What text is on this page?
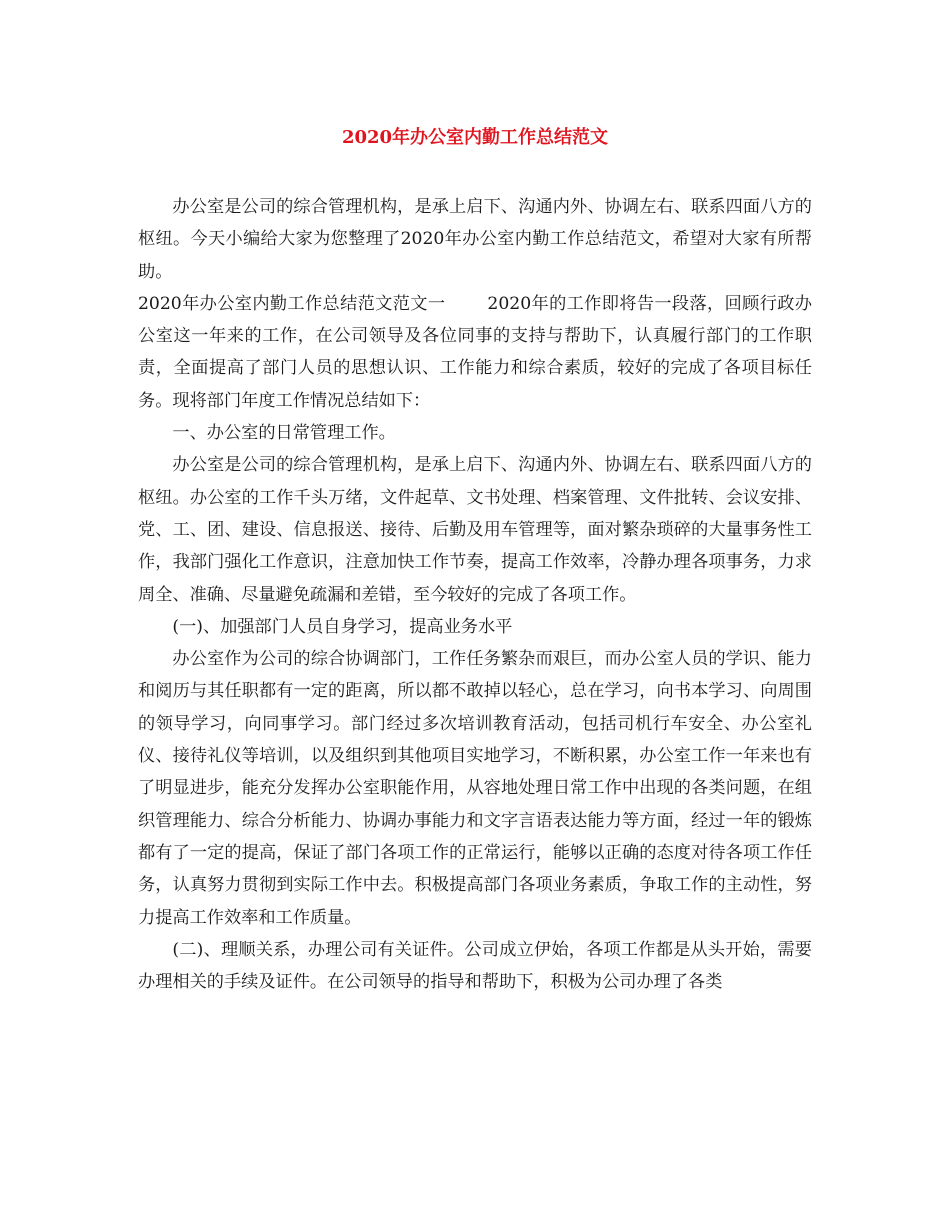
2020年办公室内勤工作总结范文

办公室是公司的综合管理机构，是承上启下、沟通内外、协调左右、联系四面八方的枢纽。今天小编给大家为您整理了2020年办公室内勤工作总结范文，希望对大家有所帮助。

2020年办公室内勤工作总结范文范文一 2020年的工作即将告一段落，回顾行政办公室这一年来的工作，在公司领导及各位同事的支持与帮助下，认真履行部门的工作职责，全面提高了部门人员的思想认识、工作能力和综合素质，较好的完成了各项目标任务。现将部门年度工作情况总结如下：

一、办公室的日常管理工作。

办公室是公司的综合管理机构，是承上启下、沟通内外、协调左右、联系四面八方的枢纽。办公室的工作千头万绪，文件起草、文书处理、档案管理、文件批转、会议安排、党、工、团、建设、信息报送、接待、后勤及用车管理等，面对繁杂琐碎的大量事务性工作，我部门强化工作意识，注意加快工作节奏，提高工作效率，冷静办理各项事务，力求周全、准确、尽量避免疏漏和差错，至今较好的完成了各项工作。

(一)、加强部门人员自身学习，提高业务水平

办公室作为公司的综合协调部门，工作任务繁杂而艰巨，而办公室人员的学识、能力和阅历与其任职都有一定的距离，所以都不敢掉以轻心，总在学习，向书本学习、向周围的领导学习，向同事学习。部门经过多次培训教育活动，包括司机行车安全、办公室礼仪、接待礼仪等培训，以及组织到其他项目实地学习，不断积累，办公室工作一年来也有了明显进步，能充分发挥办公室职能作用，从容地处理日常工作中出现的各类问题，在组织管理能力、综合分析能力、协调办事能力和文字言语表达能力等方面，经过一年的锻炼都有了一定的提高，保证了部门各项工作的正常运行，能够以正确的态度对待各项工作任务，认真努力贯彻到实际工作中去。积极提高部门各项业务素质，争取工作的主动性，努力提高工作效率和工作质量。

(二)、理顺关系，办理公司有关证件。公司成立伊始，各项工作都是从头开始，需要办理相关的手续及证件。在公司领导的指导和帮助下，积极为公司办理了各类
